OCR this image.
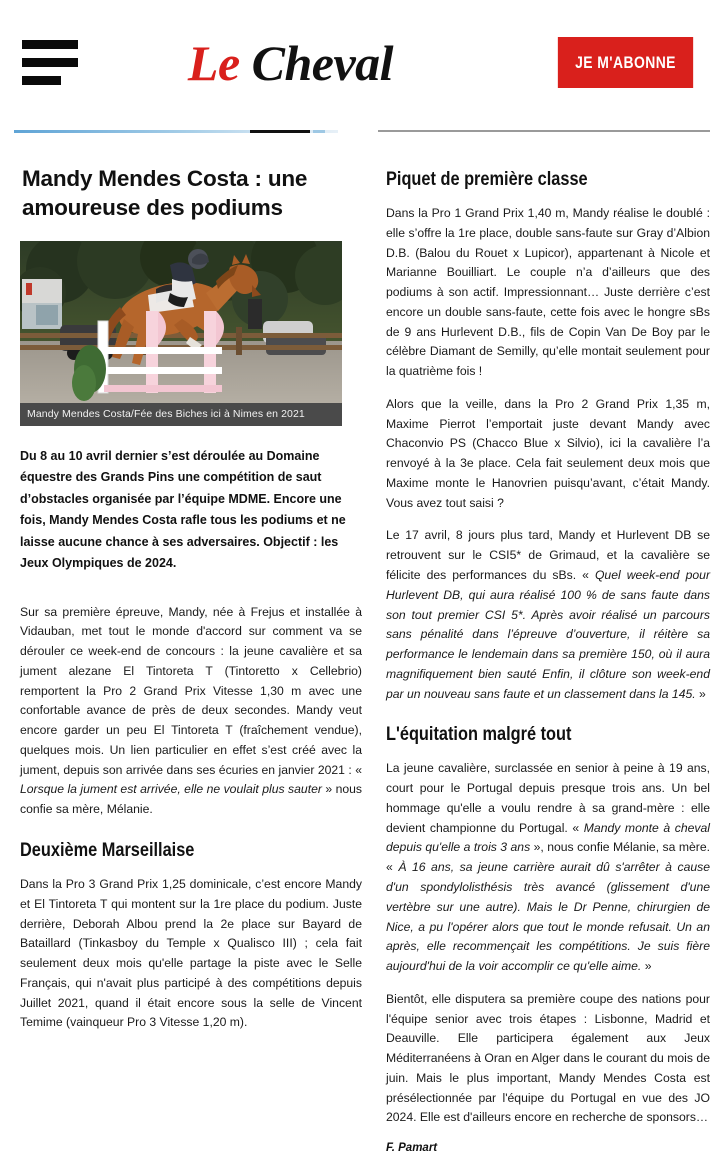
Le Cheval	JE M'ABONNE
Mandy Mendes Costa : une amoureuse des podiums
Mandy Mendes Costa/Fée des Biches ici à Nimes en 2021

Du 8 au 10 avril dernier s’est déroulée au Domaine équestre des Grands Pins une compétition de saut d’obstacles organisée par l’équipe MDME. Encore une fois, Mandy Mendes Costa rafle tous les podiums et ne laisse aucune chance à ses adversaires. Objectif : les Jeux Olympiques de 2024.

Sur sa première épreuve, Mandy, née à Frejus et installée à Vidauban, met tout le monde d'accord sur comment va se dérouler ce week-end de concours : la jeune cavalière et sa jument alezane El Tintoreta T (Tintoretto x Cellebrio) remportent la Pro 2 Grand Prix Vitesse 1,30 m avec une confortable avance de près de deux secondes. Mandy veut encore garder un peu El Tintoreta T (fraîchement vendue), quelques mois. Un lien particulier en effet s’est créé avec la jument, depuis son arrivée dans ses écuries en janvier 2021 : « Lorsque la jument est arrivée, elle ne voulait plus sauter » nous confie sa mère, Mélanie.

Deuxième Marseillaise

Dans la Pro 3 Grand Prix 1,25 dominicale, c’est encore Mandy et El Tintoreta T qui montent sur la 1re place du podium. Juste derrière, Deborah Albou prend la 2e place sur Bayard de Bataillard (Tinkasboy du Temple x Qualisco III) ; cela fait seulement deux mois qu'elle partage la piste avec le Selle Français, qui n'avait plus participé à des compétitions depuis Juillet 2021, quand il était encore sous la selle de Vincent Temime (vainqueur Pro 3 Vitesse 1,20 m).

Piquet de première classe

Dans la Pro 1 Grand Prix 1,40 m, Mandy réalise le doublé : elle s’offre la 1re place, double sans-faute sur Gray d’Albion D.B. (Balou du Rouet x Lupicor), appartenant à Nicole et Marianne Bouilliart. Le couple n’a d’ailleurs que des podiums à son actif. Impressionnant… Juste derrière c’est encore un double sans-faute, cette fois avec le hongre sBs de 9 ans Hurlevent D.B., fils de Copin Van De Boy par le célèbre Diamant de Semilly, qu’elle montait seulement pour la quatrième fois !

Alors que la veille, dans la Pro 2 Grand Prix 1,35 m, Maxime Pierrot l’emportait juste devant Mandy avec Chaconvio PS (Chacco Blue x Silvio), ici la cavalière l’a renvoyé à la 3e place. Cela fait seulement deux mois que Maxime monte le Hanovrien puisqu’avant, c’était Mandy. Vous avez tout saisi ?

Le 17 avril, 8 jours plus tard, Mandy et Hurlevent DB se retrouvent sur le CSI5* de Grimaud, et la cavalière se félicite des performances du sBs. « Quel week-end pour Hurlevent DB, qui aura réalisé 100 % de sans faute dans son tout premier CSI 5*. Après avoir réalisé un parcours sans pénalité dans l’épreuve d’ouverture, il réitère sa performance le lendemain dans sa première 150, où il aura magnifiquement bien sauté Enfin, il clôture son week-end par un nouveau sans faute et un classement dans la 145. »

L'équitation malgré tout

La jeune cavalière, surclassée en senior à peine à 19 ans, court pour le Portugal depuis presque trois ans. Un bel hommage qu'elle a voulu rendre à sa grand-mère : elle devient championne du Portugal. « Mandy monte à cheval depuis qu'elle a trois 3 ans », nous confie Mélanie, sa mère. « À 16 ans, sa jeune carrière aurait dû s'arrêter à cause d'un spondylolisthésis très avancé (glissement d'une vertèbre sur une autre). Mais le Dr Penne, chirurgien de Nice, a pu l'opérer alors que tout le monde refusait. Un an après, elle recommençait les compétitions. Je suis fière aujourd'hui de la voir accomplir ce qu'elle aime. »

Bientôt, elle disputera sa première coupe des nations pour l'équipe senior avec trois étapes : Lisbonne, Madrid et Deauville. Elle participera également aux Jeux Méditerranéens à Oran en Alger dans le courant du mois de juin. Mais le plus important, Mandy Mendes Costa est présélectionnée par l'équipe du Portugal en vue des JO 2024. Elle est d'ailleurs encore en recherche de sponsors…

F. Pamart
